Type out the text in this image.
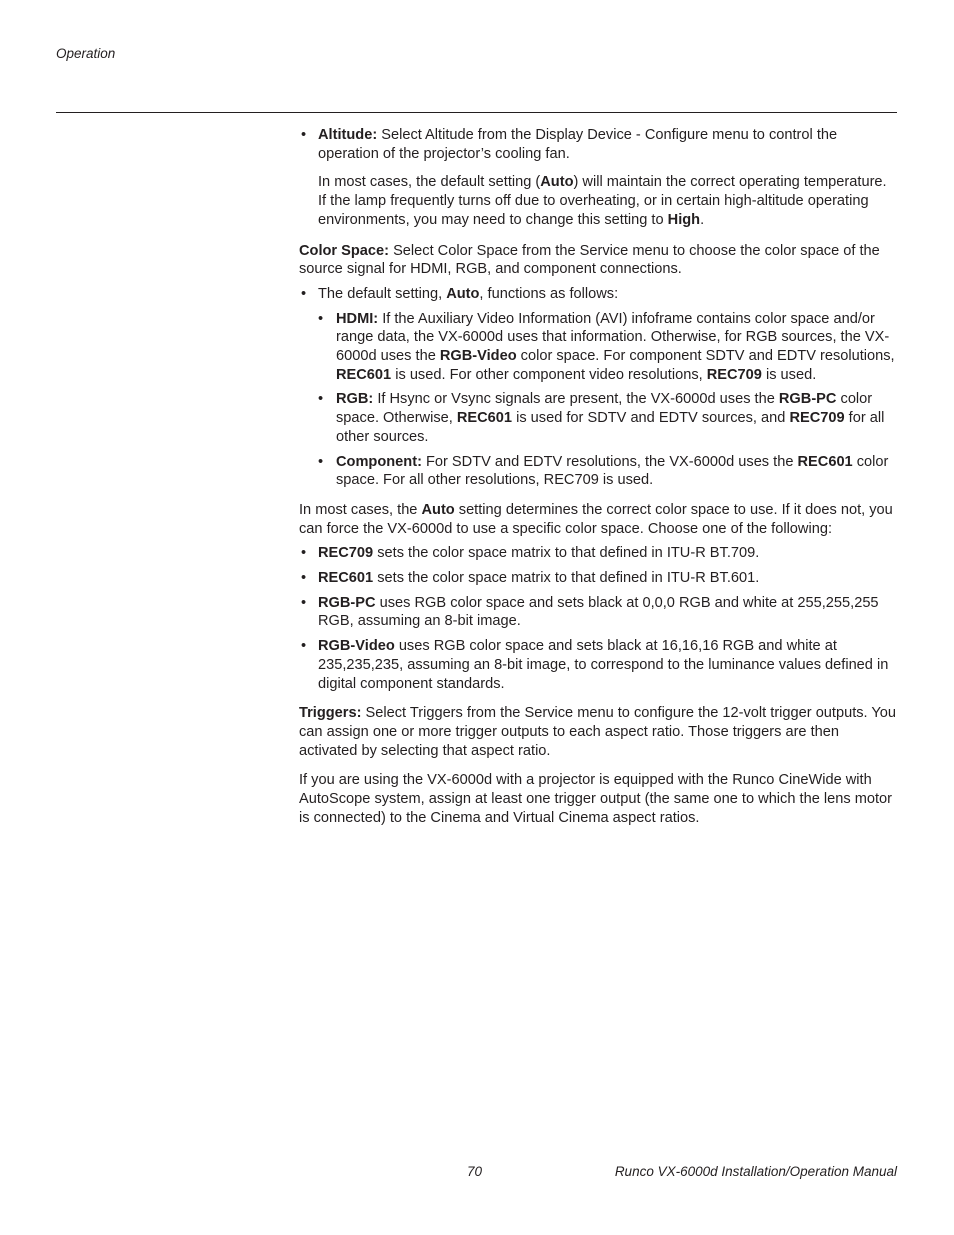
Operation

• Altitude: Select Altitude from the Display Device - Configure menu to control the operation of the projector’s cooling fan.

In most cases, the default setting (Auto) will maintain the correct operating temperature. If the lamp frequently turns off due to overheating, or in certain high-altitude operating environments, you may need to change this setting to High.

Color Space: Select Color Space from the Service menu to choose the color space of the source signal for HDMI, RGB, and component connections.

• The default setting, Auto, functions as follows:

• HDMI: If the Auxiliary Video Information (AVI) infoframe contains color space and/or range data, the VX-6000d uses that information. Otherwise, for RGB sources, the VX-6000d uses the RGB-Video color space. For component SDTV and EDTV resolutions, REC601 is used. For other component video resolutions, REC709 is used.

• RGB: If Hsync or Vsync signals are present, the VX-6000d uses the RGB-PC color space. Otherwise, REC601 is used for SDTV and EDTV sources, and REC709 for all other sources.

• Component: For SDTV and EDTV resolutions, the VX-6000d uses the REC601 color space. For all other resolutions, REC709 is used.

In most cases, the Auto setting determines the correct color space to use. If it does not, you can force the VX-6000d to use a specific color space. Choose one of the following:

• REC709 sets the color space matrix to that defined in ITU-R BT.709.

• REC601 sets the color space matrix to that defined in ITU-R BT.601.

• RGB-PC uses RGB color space and sets black at 0,0,0 RGB and white at 255,255,255 RGB, assuming an 8-bit image.

• RGB-Video uses RGB color space and sets black at 16,16,16 RGB and white at 235,235,235, assuming an 8-bit image, to correspond to the luminance values defined in digital component standards.

Triggers: Select Triggers from the Service menu to configure the 12-volt trigger outputs. You can assign one or more trigger outputs to each aspect ratio. Those triggers are then activated by selecting that aspect ratio.

If you are using the VX-6000d with a projector is equipped with the Runco CineWide with AutoScope system, assign at least one trigger output (the same one to which the lens motor is connected) to the Cinema and Virtual Cinema aspect ratios.

70	Runco VX-6000d Installation/Operation Manual
